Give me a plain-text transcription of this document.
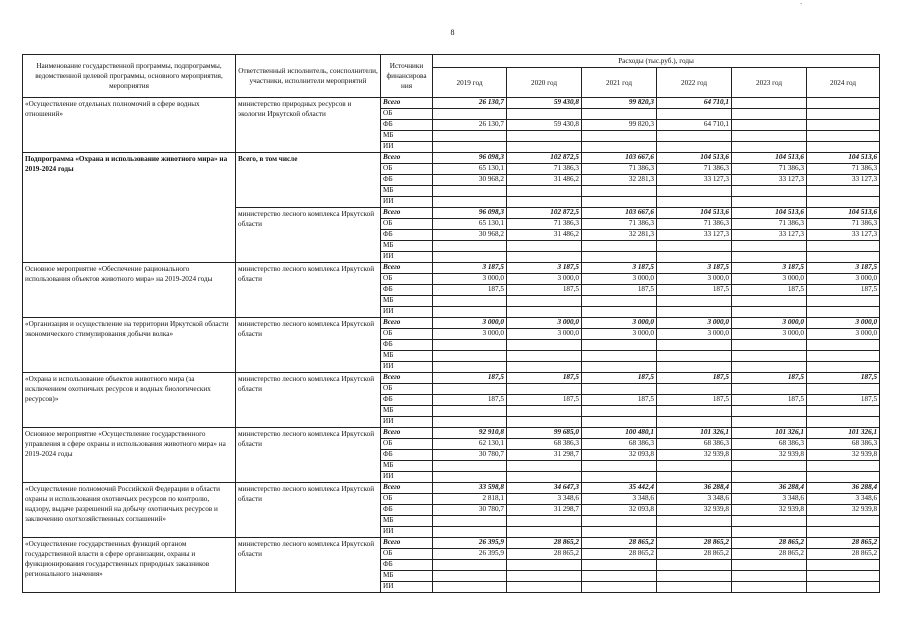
`
8
Наименование государственной программы, подпрограммы, ведомственной целевой программы, основного мероприятия, мероприятия	Ответственный исполнитель, соисполнители, участники, исполнители мероприятий	Источники финансирова ния	Расходы (тыс.руб.), годы					
			2019 год	2020 год	2021 год	2022 год	2023 год	2024 год
«Осуществление отдельных полномочий в сфере водных отношений»	министерство природных ресурсов и экологии Иркутской области	Всего	26 130,7	59 430,8	99 820,3	64 710,1		
		ОБ						
		ФБ	26 130,7	59 430,8	99 820,3	64 710,1		
		МБ						
		ИИ						
Подпрограмма «Охрана и использование животного мира» на 2019-2024 годы	Всего, в том числе	Всего	96 098,3	102 872,5	103 667,6	104 513,6	104 513,6	104 513,6
		ОБ	65 130,1	71 386,3	71 386,3	71 386,3	71 386,3	71 386,3
		ФБ	30 968,2	31 486,2	32 281,3	33 127,3	33 127,3	33 127,3
		МБ						
		ИИ						
	министерство лесного комплекса Иркутской области	Всего	96 098,3	102 872,5	103 667,6	104 513,6	104 513,6	104 513,6
		ОБ	65 130,1	71 386,3	71 386,3	71 386,3	71 386,3	71 386,3
		ФБ	30 968,2	31 486,2	32 281,3	33 127,3	33 127,3	33 127,3
		МБ						
		ИИ						
Основное мероприятие «Обеспечение рационального использования объектов животного мира» на 2019-2024 годы	министерство лесного комплекса Иркутской области	Всего	3 187,5	3 187,5	3 187,5	3 187,5	3 187,5	3 187,5
		ОБ	3 000,0	3 000,0	3 000,0	3 000,0	3 000,0	3 000,0
		ФБ	187,5	187,5	187,5	187,5	187,5	187,5
		МБ						
		ИИ						
«Организация и осуществление на территории Иркутской области экономического стимулирования добычи волка»	министерство лесного комплекса Иркутской области	Всего	3 000,0	3 000,0	3 000,0	3 000,0	3 000,0	3 000,0
		ОБ	3 000,0	3 000,0	3 000,0	3 000,0	3 000,0	3 000,0
		ФБ						
		МБ						
		ИИ						
«Охрана и использование объектов животного мира (за исключением охотничьих ресурсов и водных биологических ресурсов)»	министерство лесного комплекса Иркутской области	Всего	187,5	187,5	187,5	187,5	187,5	187,5
		ОБ						
		ФБ	187,5	187,5	187,5	187,5	187,5	187,5
		МБ						
		ИИ						
Основное мероприятие «Осуществление государственного управления в сфере охраны и использования животного мира» на 2019-2024 годы	министерство лесного комплекса Иркутской области	Всего	92 910,8	99 685,0	100 480,1	101 326,1	101 326,1	101 326,1
		ОБ	62 130,1	68 386,3	68 386,3	68 386,3	68 386,3	68 386,3
		ФБ	30 780,7	31 298,7	32 093,8	32 939,8	32 939,8	32 939,8
		МБ						
		ИИ						
«Осуществление полномочий Российской Федерации в области охраны и использования охотничьих ресурсов по контролю, надзору, выдаче разрешений на добычу охотничьих ресурсов и заключению охотхозяйственных соглашений»	министерство лесного комплекса Иркутской области	Всего	33 598,8	34 647,3	35 442,4	36 288,4	36 288,4	36 288,4
		ОБ	2 818,1	3 348,6	3 348,6	3 348,6	3 348,6	3 348,6
		ФБ	30 780,7	31 298,7	32 093,8	32 939,8	32 939,8	32 939,8
		МБ						
		ИИ						
«Осуществление государственных функций органом государственной власти в сфере организации, охраны и функционирования государственных природных заказников регионального значения»	министерство лесного комплекса Иркутской области	Всего	26 395,9	28 865,2	28 865,2	28 865,2	28 865,2	28 865,2
		ОБ	26 395,9	28 865,2	28 865,2	28 865,2	28 865,2	28 865,2
		ФБ						
		МБ						
		ИИ						
